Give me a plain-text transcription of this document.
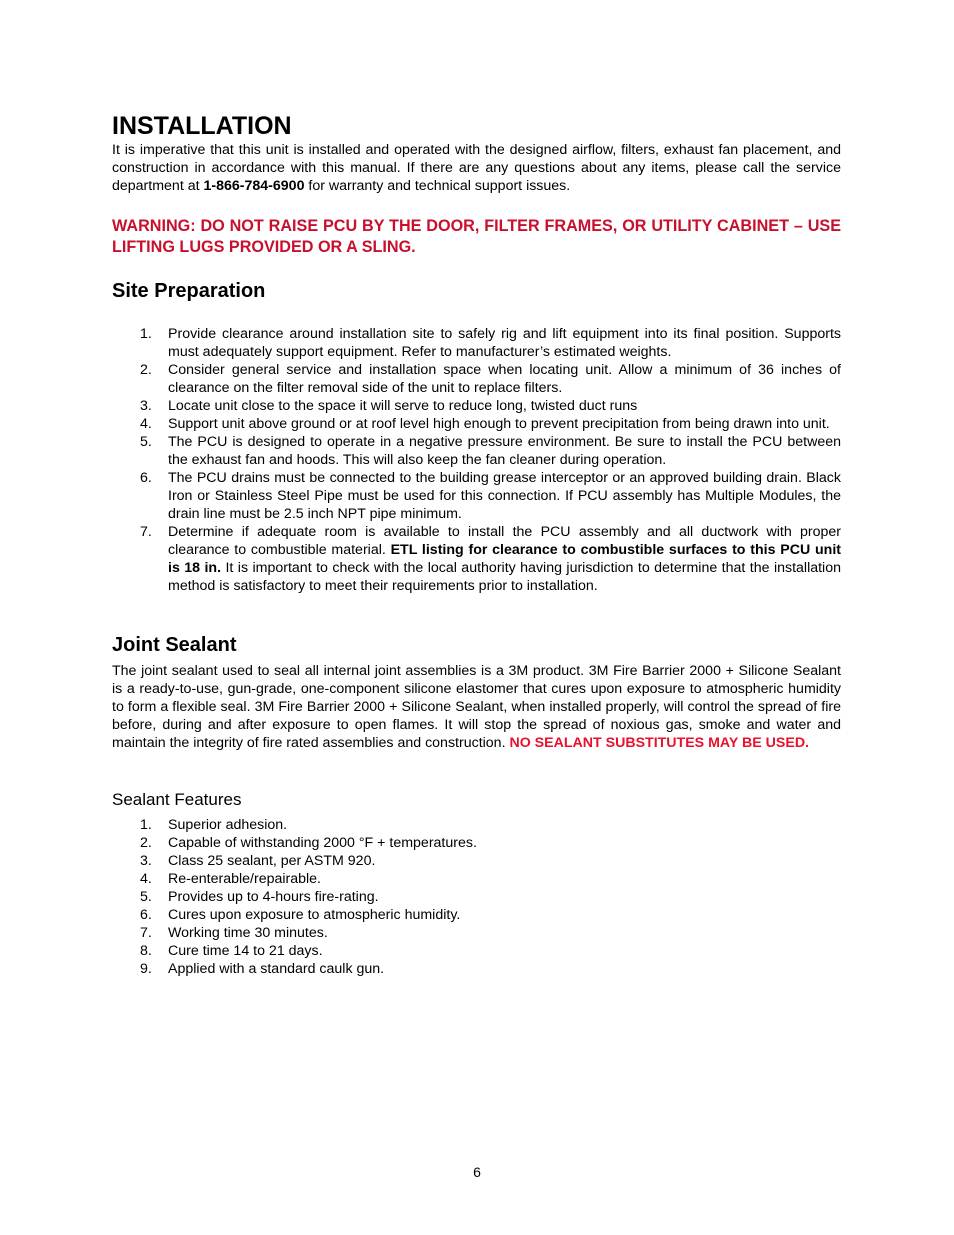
INSTALLATION

It is imperative that this unit is installed and operated with the designed airflow, filters, exhaust fan placement, and construction in accordance with this manual. If there are any questions about any items, please call the service department at 1-866-784-6900 for warranty and technical support issues.

WARNING: DO NOT RAISE PCU BY THE DOOR, FILTER FRAMES, OR UTILITY CABINET – USE LIFTING LUGS PROVIDED OR A SLING.

Site Preparation
1.	Provide clearance around installation site to safely rig and lift equipment into its final position. Supports must adequately support equipment. Refer to manufacturer’s estimated weights.
2.	Consider general service and installation space when locating unit. Allow a minimum of 36 inches of clearance on the filter removal side of the unit to replace filters.
3.	Locate unit close to the space it will serve to reduce long, twisted duct runs
4.	Support unit above ground or at roof level high enough to prevent precipitation from being drawn into unit.
5.	The PCU is designed to operate in a negative pressure environment. Be sure to install the PCU between the exhaust fan and hoods. This will also keep the fan cleaner during operation.
6.	The PCU drains must be connected to the building grease interceptor or an approved building drain. Black Iron or Stainless Steel Pipe must be used for this connection. If PCU assembly has Multiple Modules, the drain line must be 2.5 inch NPT pipe minimum.
7.	Determine if adequate room is available to install the PCU assembly and all ductwork with proper clearance to combustible material. ETL listing for clearance to combustible surfaces to this PCU unit is 18 in. It is important to check with the local authority having jurisdiction to determine that the installation method is satisfactory to meet their requirements prior to installation.
Joint Sealant

The joint sealant used to seal all internal joint assemblies is a 3M product. 3M Fire Barrier 2000 + Silicone Sealant is a ready-to-use, gun-grade, one-component silicone elastomer that cures upon exposure to atmospheric humidity to form a flexible seal. 3M Fire Barrier 2000 + Silicone Sealant, when installed properly, will control the spread of fire before, during and after exposure to open flames. It will stop the spread of noxious gas, smoke and water and maintain the integrity of fire rated assemblies and construction. NO SEALANT SUBSTITUTES MAY BE USED.

Sealant Features
1.	Superior adhesion.
2.	Capable of withstanding 2000 °F + temperatures.
3.	Class 25 sealant, per ASTM 920.
4.	Re-enterable/repairable.
5.	Provides up to 4-hours fire-rating.
6.	Cures upon exposure to atmospheric humidity.
7.	Working time 30 minutes.
8.	Cure time 14 to 21 days.
9.	Applied with a standard caulk gun.
6
